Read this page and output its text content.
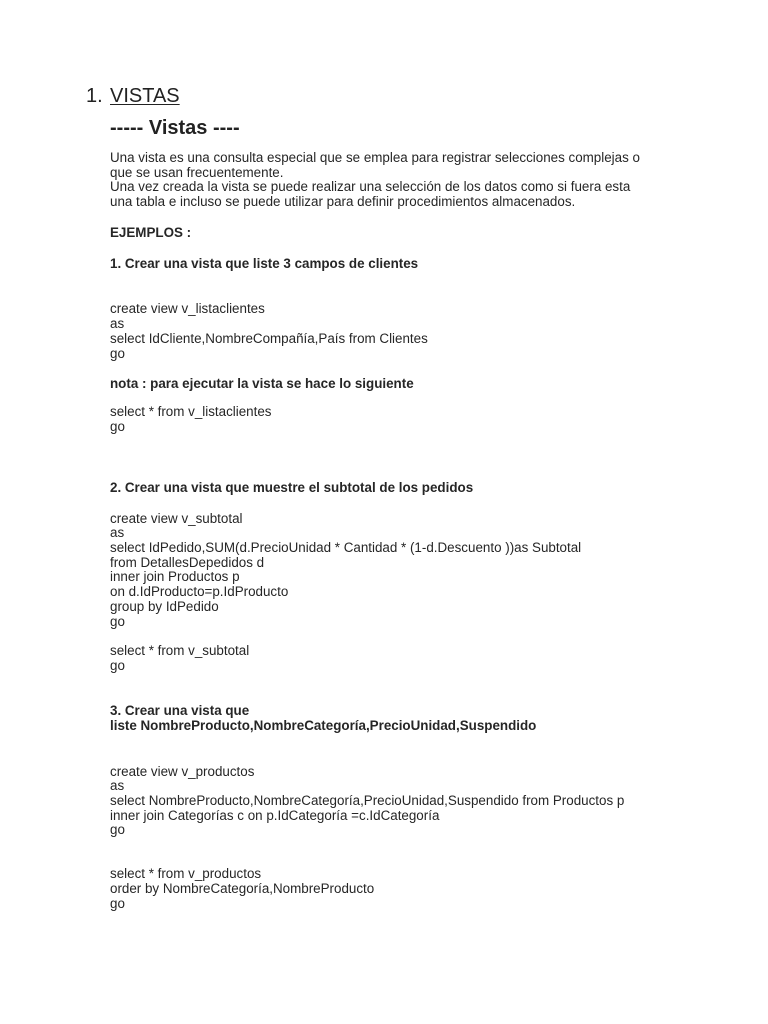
1. VISTAS
----- Vistas ----
Una vista es una consulta especial que se emplea para registrar selecciones complejas o
que se usan frecuentemente.
Una vez creada la vista se puede realizar una selección de los datos como si fuera esta
una tabla e incluso se puede utilizar para definir procedimientos almacenados.
EJEMPLOS :
1. Crear una vista que liste 3 campos de clientes
create view v_listaclientes
as
select IdCliente,NombreCompañía,País from Clientes
go
nota : para ejecutar la vista se hace lo siguiente
select * from v_listaclientes
go
2. Crear una vista que muestre el subtotal de los pedidos
create view v_subtotal
as
select IdPedido,SUM(d.PrecioUnidad * Cantidad * (1-d.Descuento ))as Subtotal
from DetallesDepedidos d
inner join Productos p
on d.IdProducto=p.IdProducto
group by IdPedido
go
select * from v_subtotal
go
3. Crear una vista que
liste NombreProducto,NombreCategoría,PrecioUnidad,Suspendido
create view v_productos
as
select NombreProducto,NombreCategoría,PrecioUnidad,Suspendido from Productos p
inner join Categorías c on p.IdCategoría =c.IdCategoría
go
select * from v_productos
order by NombreCategoría,NombreProducto
go
